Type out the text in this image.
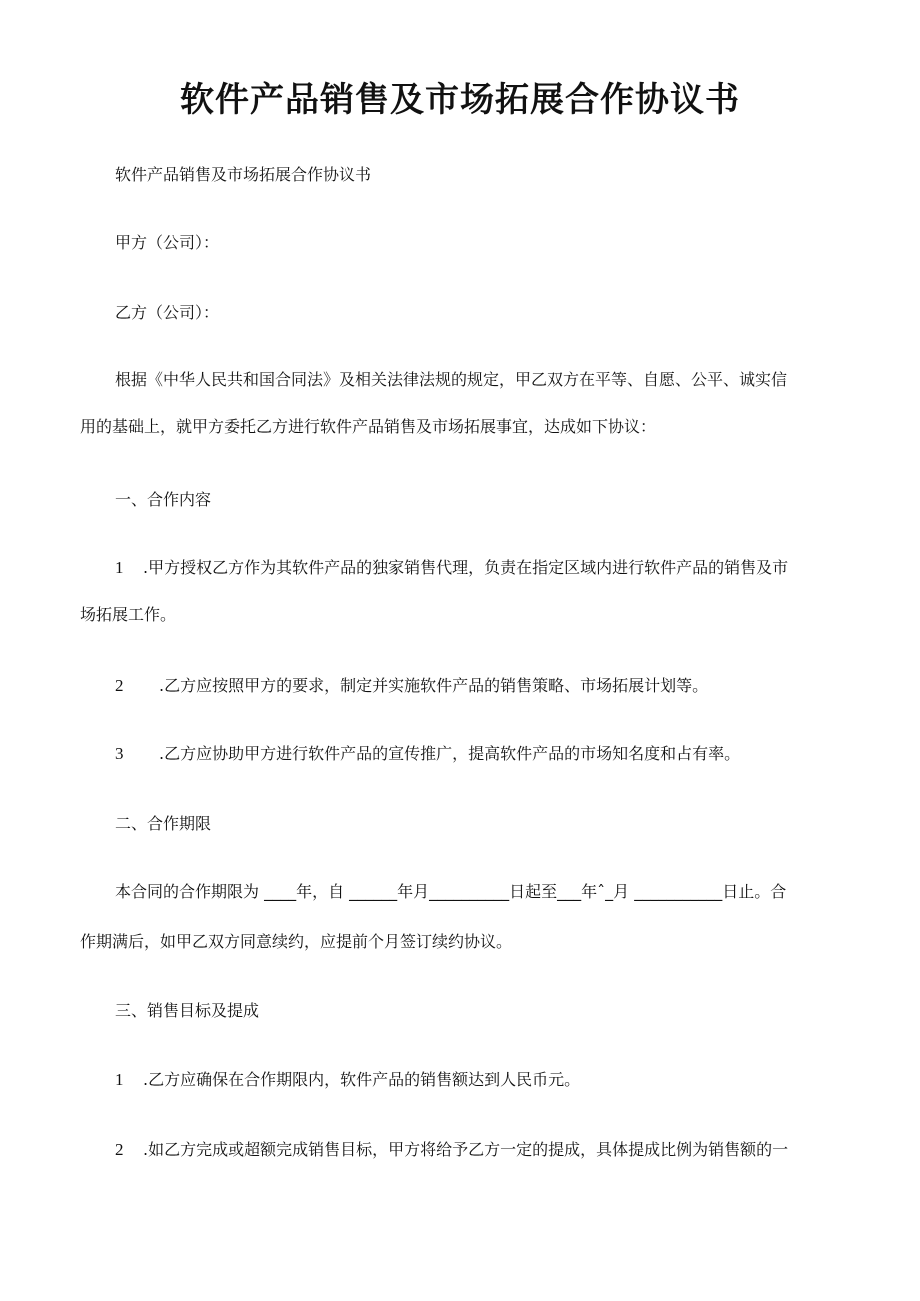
软件产品销售及市场拓展合作协议书
软件产品销售及市场拓展合作协议书
甲方（公司）：
乙方（公司）：
根据《中华人民共和国合同法》及相关法律法规的规定，甲乙双方在平等、自愿、公平、诚实信
用的基础上，就甲方委托乙方进行软件产品销售及市场拓展事宜，达成如下协议：
一、合作内容
1 .甲方授权乙方作为其软件产品的独家销售代理，负责在指定区域内进行软件产品的销售及市
场拓展工作。
2 .乙方应按照甲方的要求，制定并实施软件产品的销售策略、市场拓展计划等。
3 .乙方应协助甲方进行软件产品的宣传推广，提高软件产品的市场知名度和占有率。
二、合作期限
本合同的合作期限为 ____年，自 ______年月__________日起至___年ˆ_月 ___________日止。合
作期满后，如甲乙双方同意续约，应提前个月签订续约协议。
三、销售目标及提成
1 .乙方应确保在合作期限内，软件产品的销售额达到人民币元。
2 .如乙方完成或超额完成销售目标，甲方将给予乙方一定的提成，具体提成比例为销售额的一
